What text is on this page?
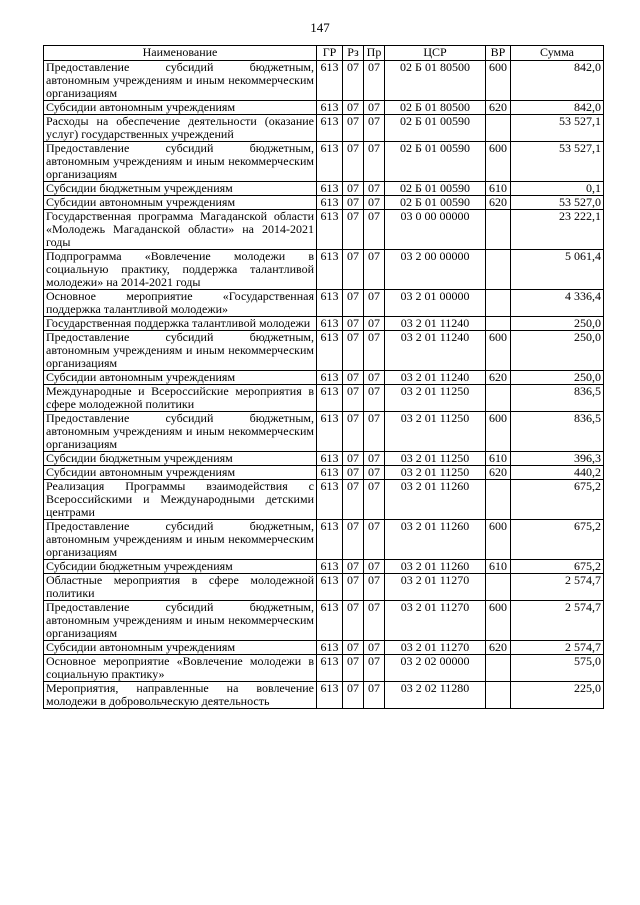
147
Наименование	ГР	Рз	Пр	ЦСР	ВР	Сумма
Предоставление субсидий бюджетным, автономным учреждениям и иным некоммерческим организациям	613	07	07	02 Б 01 80500	600	842,0
Субсидии автономным учреждениям	613	07	07	02 Б 01 80500	620	842,0
Расходы на обеспечение деятельности (оказание услуг) государственных учреждений	613	07	07	02 Б 01 00590		53 527,1
Предоставление субсидий бюджетным, автономным учреждениям и иным некоммерческим организациям	613	07	07	02 Б 01 00590	600	53 527,1
Субсидии бюджетным учреждениям	613	07	07	02 Б 01 00590	610	0,1
Субсидии автономным учреждениям	613	07	07	02 Б 01 00590	620	53 527,0
Государственная программа Магаданской области «Молодежь Магаданской области» на 2014-2021 годы	613	07	07	03 0 00 00000		23 222,1
Подпрограмма «Вовлечение молодежи в социальную практику, поддержка талантливой молодежи» на 2014-2021 годы	613	07	07	03 2 00 00000		5 061,4
Основное мероприятие «Государственная поддержка талантливой молодежи»	613	07	07	03 2 01 00000		4 336,4
Государственная поддержка талантливой молодежи	613	07	07	03 2 01 11240		250,0
Предоставление субсидий бюджетным, автономным учреждениям и иным некоммерческим организациям	613	07	07	03 2 01 11240	600	250,0
Субсидии автономным учреждениям	613	07	07	03 2 01 11240	620	250,0
Международные и Всероссийские мероприятия в сфере молодежной политики	613	07	07	03 2 01 11250		836,5
Предоставление субсидий бюджетным, автономным учреждениям и иным некоммерческим организациям	613	07	07	03 2 01 11250	600	836,5
Субсидии бюджетным учреждениям	613	07	07	03 2 01 11250	610	396,3
Субсидии автономным учреждениям	613	07	07	03 2 01 11250	620	440,2
Реализация Программы взаимодействия с Всероссийскими и Международными детскими центрами	613	07	07	03 2 01 11260		675,2
Предоставление субсидий бюджетным, автономным учреждениям и иным некоммерческим организациям	613	07	07	03 2 01 11260	600	675,2
Субсидии бюджетным учреждениям	613	07	07	03 2 01 11260	610	675,2
Областные мероприятия в сфере молодежной политики	613	07	07	03 2 01 11270		2 574,7
Предоставление субсидий бюджетным, автономным учреждениям и иным некоммерческим организациям	613	07	07	03 2 01 11270	600	2 574,7
Субсидии автономным учреждениям	613	07	07	03 2 01 11270	620	2 574,7
Основное мероприятие «Вовлечение молодежи в социальную практику»	613	07	07	03 2 02 00000		575,0
Мероприятия, направленные на вовлечение молодежи в добровольческую деятельность	613	07	07	03 2 02 11280		225,0
